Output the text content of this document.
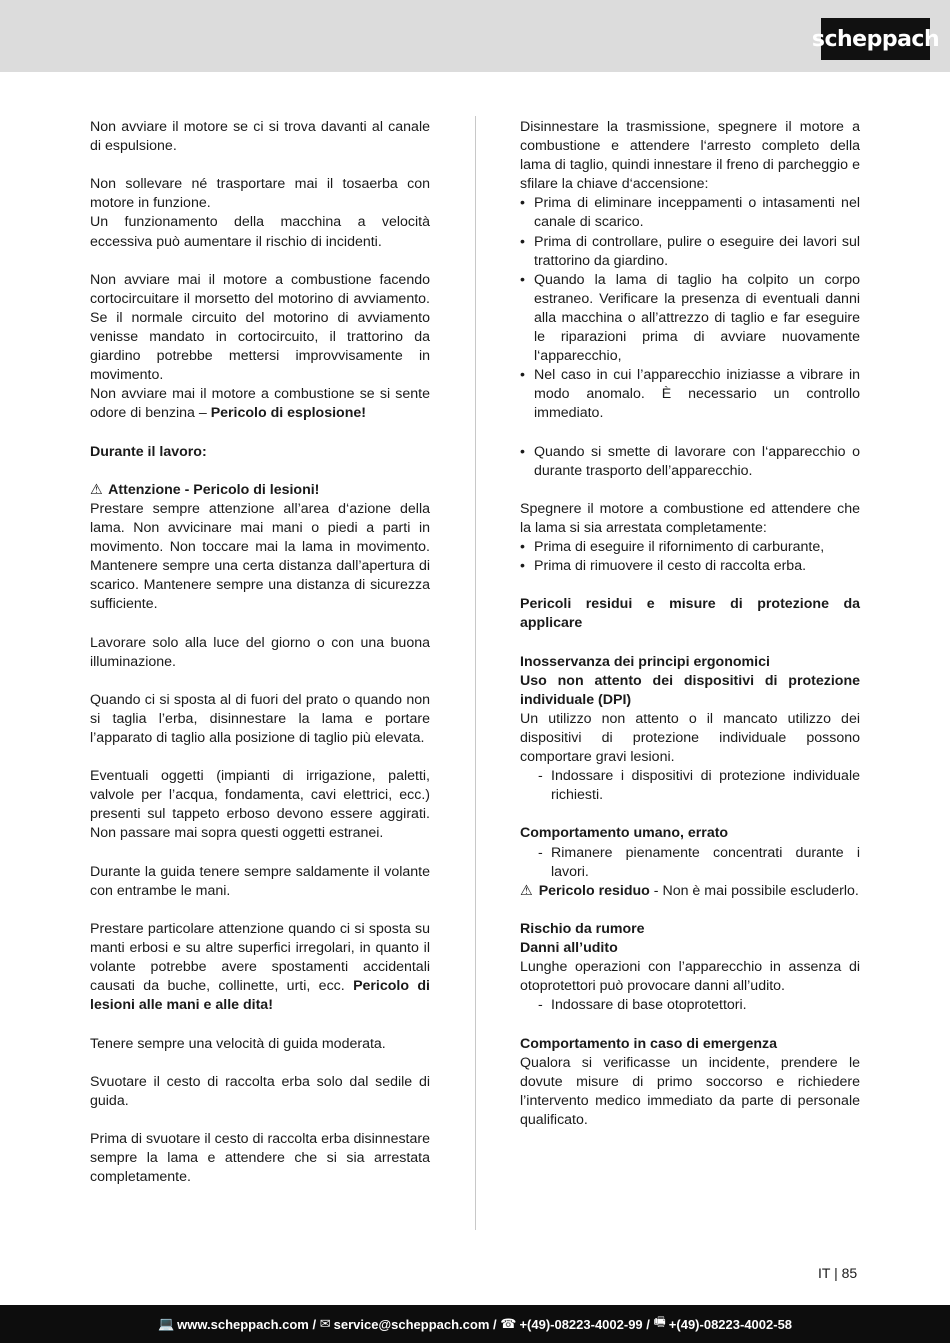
scheppach

Non avviare il motore se ci si trova davanti al canale di espulsione.

Non sollevare né trasportare mai il tosaerba con motore in funzione.

Un funzionamento della macchina a velocità eccessiva può aumentare il rischio di incidenti.

Non avviare mai il motore a combustione facendo cortocircuitare il morsetto del motorino di avviamento. Se il normale circuito del motorino di avviamento venisse mandato in cortocircuito, il trattorino da giardino potrebbe mettersi improvvisamente in movimento.

Non avviare mai il motore a combustione se si sente odore di benzina – Pericolo di esplosione!

Durante il lavoro:

⚠ Attenzione - Pericolo di lesioni!

Prestare sempre attenzione all’area d‘azione della lama. Non avvicinare mai mani o piedi a parti in movimento. Non toccare mai la lama in movimento. Mantenere sempre una certa distanza dall’apertura di scarico. Mantenere sempre una distanza di sicurezza sufficiente.

Lavorare solo alla luce del giorno o con una buona illuminazione.

Quando ci si sposta al di fuori del prato o quando non si taglia l’erba, disinnestare la lama e portare l’apparato di taglio alla posizione di taglio più elevata.

Eventuali oggetti (impianti di irrigazione, paletti, valvole per l’acqua, fondamenta, cavi elettrici, ecc.) presenti sul tappeto erboso devono essere aggirati. Non passare mai sopra questi oggetti estranei.

Durante la guida tenere sempre saldamente il volante con entrambe le mani.

Prestare particolare attenzione quando ci si sposta su manti erbosi e su altre superfici irregolari, in quanto il volante potrebbe avere spostamenti accidentali causati da buche, collinette, urti, ecc. Pericolo di lesioni alle mani e alle dita!

Tenere sempre una velocità di guida moderata.

Svuotare il cesto di raccolta erba solo dal sedile di guida.

Prima di svuotare il cesto di raccolta erba disinnestare sempre la lama e attendere che si sia arrestata completamente.

Disinnestare la trasmissione, spegnere il motore a combustione e attendere l‘arresto completo della lama di taglio, quindi innestare il freno di parcheggio e sfilare la chiave d‘accensione:

• Prima di eliminare inceppamenti o intasamenti nel canale di scarico.
• Prima di controllare, pulire o eseguire dei lavori sul trattorino da giardino.
• Quando la lama di taglio ha colpito un corpo estraneo. Verificare la presenza di eventuali danni alla macchina o all’attrezzo di taglio e far eseguire le riparazioni prima di avviare nuovamente l‘apparecchio,
• Nel caso in cui l’apparecchio iniziasse a vibrare in modo anomalo. È necessario un controllo immediato.
• Quando si smette di lavorare con l‘apparecchio o durante trasporto dell’apparecchio.

Spegnere il motore a combustione ed attendere che la lama si sia arrestata completamente:

• Prima di eseguire il rifornimento di carburante,
• Prima di rimuovere il cesto di raccolta erba.

Pericoli residui e misure di protezione da applicare

Inosservanza dei principi ergonomici

Uso non attento dei dispositivi di protezione individuale (DPI)

Un utilizzo non attento o il mancato utilizzo dei dispositivi di protezione individuale possono comportare gravi lesioni.

- Indossare i dispositivi di protezione individuale richiesti.

Comportamento umano, errato

- Rimanere pienamente concentrati durante i lavori.

⚠ Pericolo residuo - Non è mai possibile escluderlo.

Rischio da rumore

Danni all’udito

Lunghe operazioni con l’apparecchio in assenza di otoprotettori può provocare danni all’udito.

- Indossare di base otoprotettori.

Comportamento in caso di emergenza

Qualora si verificasse un incidente, prendere le dovute misure di primo soccorso e richiedere l’intervento medico immediato da parte di personale qualificato.

IT | 85
💻 www.scheppach.com / ✉ service@scheppach.com / ☎ +(49)-08223-4002-99 / 🖷 +(49)-08223-4002-58
